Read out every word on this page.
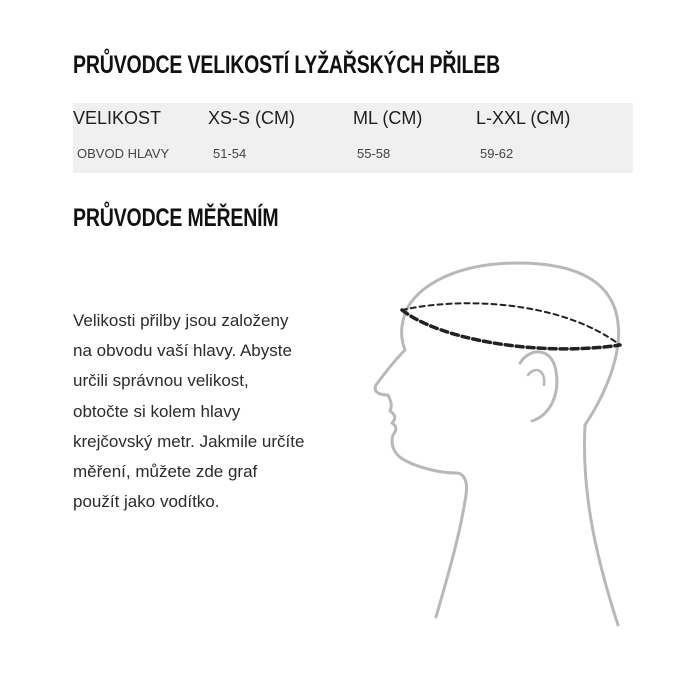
PRŮVODCE VELIKOSTÍ LYŽAŘSKÝCH PŘILEB
VELIKOST	XS-S (CM)	ML (CM)	L-XXL (CM)
OBVOD HLAVY	51-54	55-58	59-62
PRŮVODCE MĚŘENÍM
Velikosti přilby jsou založeny
na obvodu vaší hlavy. Abyste
určili správnou velikost,
obtočte si kolem hlavy
krejčovský metr. Jakmile určíte
měření, můžete zde graf
použít jako vodítko.
